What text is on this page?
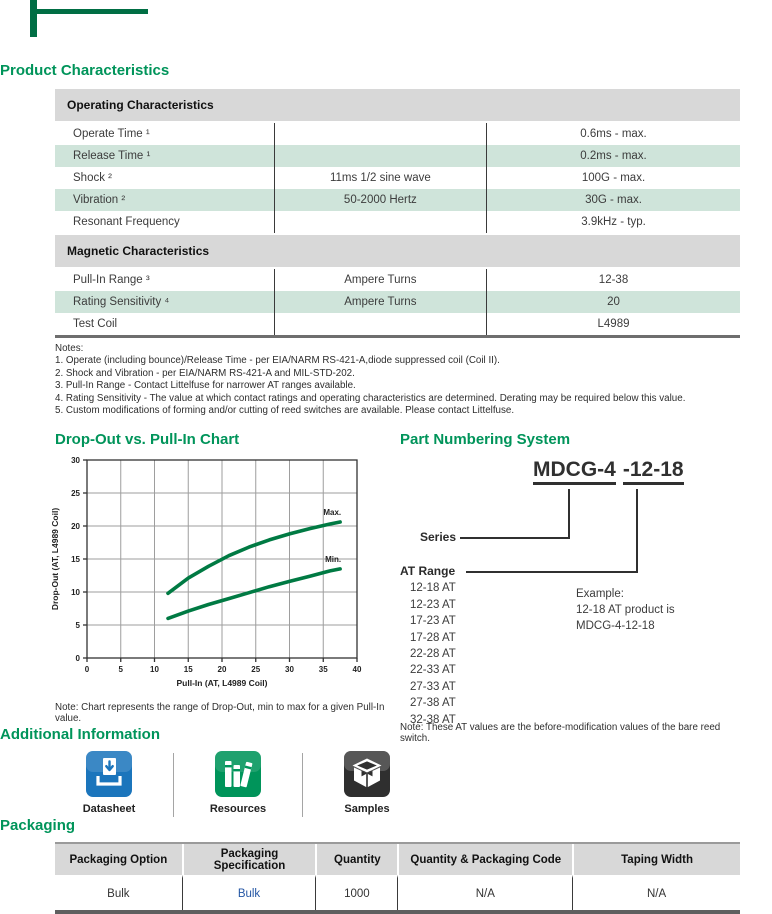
Product Characteristics
Operating Characteristics		
Operate Time ¹		0.6ms - max.
Release Time ¹		0.2ms - max.
Shock ²	11ms 1/2 sine wave	100G - max.
Vibration ²	50-2000 Hertz	30G - max.
Resonant Frequency		3.9kHz - typ.
Magnetic Characteristics		
Pull-In Range ³	Ampere Turns	12-38
Rating Sensitivity ⁴	Ampere Turns	20
Test Coil		L4989
Notes:
1. Operate (including bounce)/Release Time - per EIA/NARM RS-421-A,diode suppressed coil (Coil II).
2. Shock and Vibration - per EIA/NARM RS-421-A and MIL-STD-202.
3. Pull-In Range - Contact Littelfuse for narrower AT ranges available.
4. Rating Sensitivity - The value at which contact ratings and operating characteristics are determined. Derating may be required below this value.
5. Custom modifications of forming and/or cutting of reed switches are available. Please contact Littelfuse.
Drop-Out vs. Pull-In Chart
0	5	10	15	20	25	30	35	40
0
5
10
15
20
25
30
Pull-In (AT, L4989 Coil)
Drop-Out (AT, L4989 Coil)	Max.
Min.
Note: Chart represents the range of Drop-Out, min to max for a given Pull-In value.
Part Numbering System
MDCG-4 -12-18
Series
AT Range
12-18 AT
12-23 AT
17-23 AT
17-28 AT
22-28 AT
22-33 AT
27-33 AT
27-38 AT
32-38 AT
Example:
12-18 AT product is
MDCG-4-12-18
Note: These AT values are the before-modification values of the bare reed switch.
Additional Information
Datasheet	Resources	Samples
Packaging
Packaging Option	Packaging Specification	Quantity	Quantity & Packaging Code	Taping Width
Bulk	Bulk	1000	N/A	N/A
